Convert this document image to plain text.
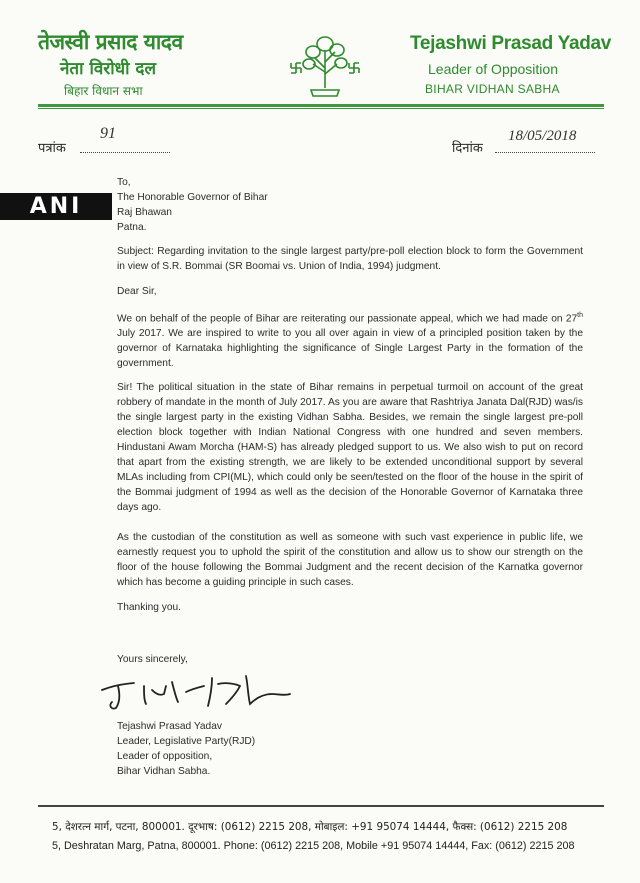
तेजस्वी प्रसाद यादव
नेता विरोधी दल
बिहार विधान सभा
Tejashwi Prasad Yadav
Leader of Opposition
BIHAR VIDHAN SABHA
पत्रांक
91
दिनांक
18/05/2018
ANI
To,
The Honorable Governor of Bihar
Raj Bhawan
Patna.

Subject: Regarding invitation to the single largest party/pre-poll election block to form the Government in view of S.R. Bommai (SR Boomai vs. Union of India, 1994) judgment.

Dear Sir,

We on behalf of the people of Bihar are reiterating our passionate appeal, which we had made on 27th July 2017. We are inspired to write to you all over again in view of a principled position taken by the governor of Karnataka highlighting the significance of Single Largest Party in the formation of the government.

Sir! The political situation in the state of Bihar remains in perpetual turmoil on account of the great robbery of mandate in the month of July 2017. As you are aware that Rashtriya Janata Dal(RJD) was/is the single largest party in the existing Vidhan Sabha. Besides, we remain the single largest pre-poll election block together with Indian National Congress with one hundred and seven members. Hindustani Awam Morcha (HAM-S) has already pledged support to us. We also wish to put on record that apart from the existing strength, we are likely to be extended unconditional support by several MLAs including from CPI(ML), which could only be seen/tested on the floor of the house in the spirit of the Bommai judgment of 1994 as well as the decision of the Honorable Governor of Karnataka three days ago.

As the custodian of the constitution as well as someone with such vast experience in public life, we earnestly request you to uphold the spirit of the constitution and allow us to show our strength on the floor of the house following the Bommai Judgment and the recent decision of the Karnatka governor which has become a guiding principle in such cases.

Thanking you.
Yours sincerely,
Tejashwi Prasad Yadav
Leader, Legislative Party(RJD)
Leader of opposition,
Bihar Vidhan Sabha.
5, देशरत्न मार्ग, पटना, 800001. दूरभाष: (0612) 2215 208, मोबाइल: +91 95074 14444, फैक्स: (0612) 2215 208
5, Deshratan Marg, Patna, 800001. Phone: (0612) 2215 208, Mobile +91 95074 14444, Fax: (0612) 2215 208
